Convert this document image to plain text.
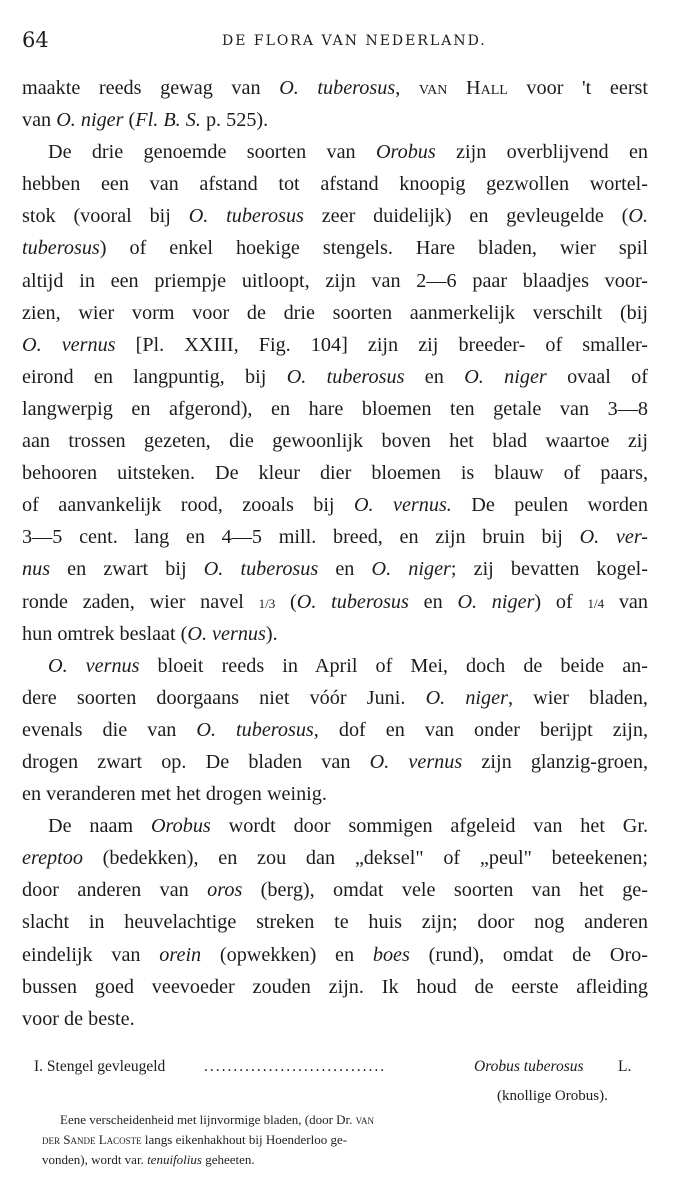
64	DE FLORA VAN NEDERLAND.
maakte reeds gewag van O. tuberosus, van Hall voor 't eerst
van O. niger (Fl. B. S. p. 525).
De drie genoemde soorten van Orobus zijn overblijvend en
hebben een van afstand tot afstand knoopig gezwollen wortel-
stok (vooral bij O. tuberosus zeer duidelijk) en gevleugelde (O.
tuberosus) of enkel hoekige stengels. Hare bladen, wier spil
altijd in een priempje uitloopt, zijn van 2—6 paar blaadjes voor-
zien, wier vorm voor de drie soorten aanmerkelijk verschilt (bij
O. vernus [Pl. XXIII, Fig. 104] zijn zij breeder- of smaller-
eirond en langpuntig, bij O. tuberosus en O. niger ovaal of
langwerpig en afgerond), en hare bloemen ten getale van 3—8
aan trossen gezeten, die gewoonlijk boven het blad waartoe zij
behooren uitsteken. De kleur dier bloemen is blauw of paars,
of aanvankelijk rood, zooals bij O. vernus. De peulen worden
3—5 cent. lang en 4—5 mill. breed, en zijn bruin bij O. ver-
nus en zwart bij O. tuberosus en O. niger; zij bevatten kogel-
ronde zaden, wier navel 1/3 (O. tuberosus en O. niger) of 1/4 van
hun omtrek beslaat (O. vernus).
O. vernus bloeit reeds in April of Mei, doch de beide an-
dere soorten doorgaans niet vóór Juni. O. niger, wier bladen,
evenals die van O. tuberosus, dof en van onder berijpt zijn,
drogen zwart op. De bladen van O. vernus zijn glanzig-groen,
en veranderen met het drogen weinig.
De naam Orobus wordt door sommigen afgeleid van het Gr.
ereptoo (bedekken), en zou dan „deksel" of „peul" beteekenen;
door anderen van oros (berg), omdat vele soorten van het ge-
slacht in heuvelachtige streken te huis zijn; door nog anderen
eindelijk van orein (opwekken) en boes (rund), omdat de Oro-
bussen goed veevoeder zouden zijn. Ik houd de eerste afleiding
voor de beste.
I. Stengel gevleugeld ...............................	Orobus tuberosus L.
(knollige Orobus).
Eene verscheidenheid met lijnvormige bladen, (door Dr. van
der Sande Lacoste langs eikenhakhout bij Hoenderloo ge-
vonden), wordt var. tenuifolius geheeten.
